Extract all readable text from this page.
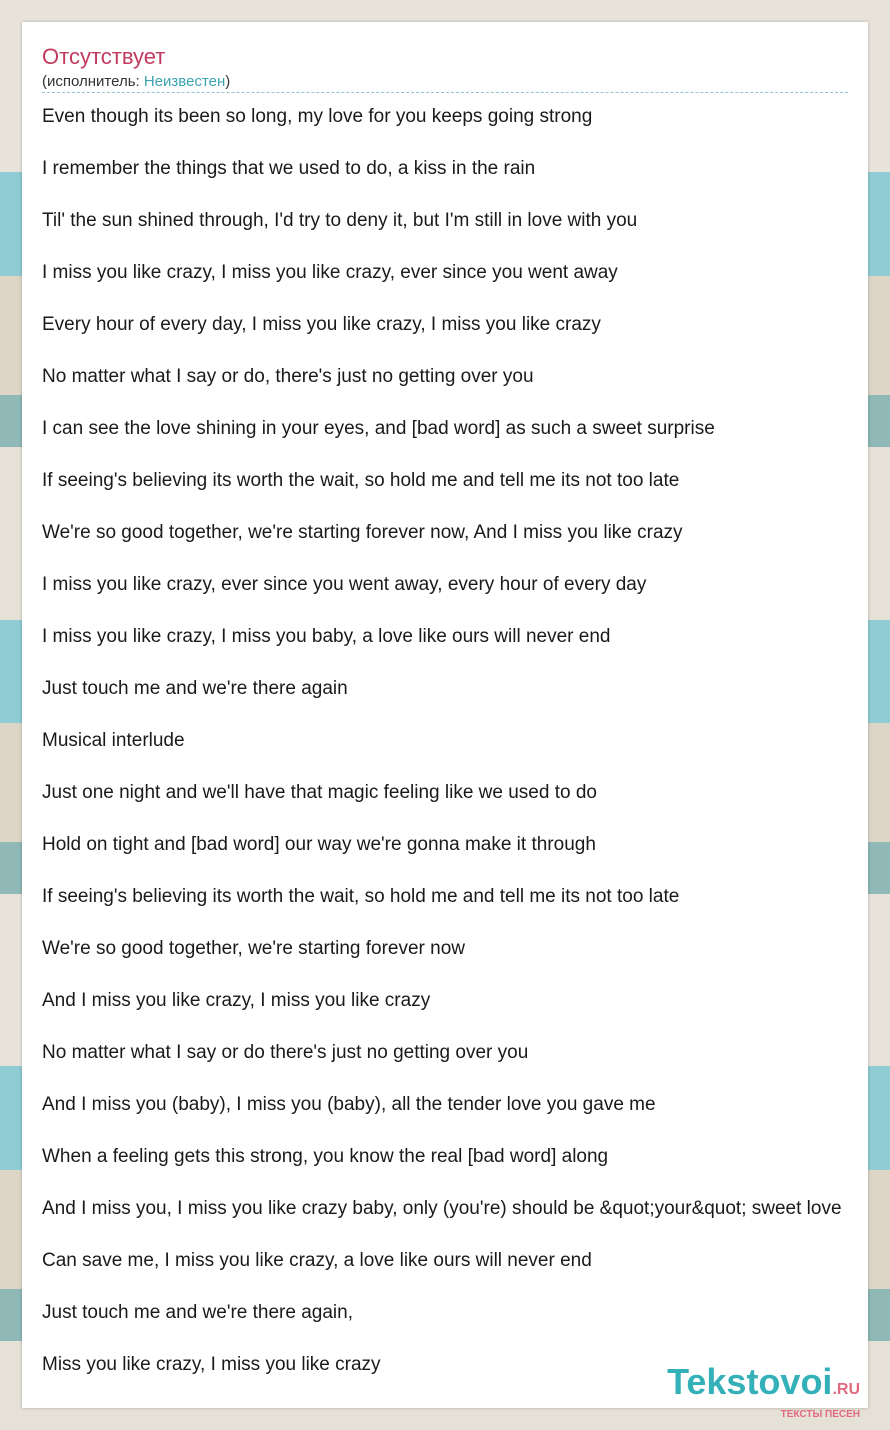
Отсутствует
(исполнитель: Неизвестен)
Even though its been so long, my love for you keeps going strong
I remember the things that we used to do, a kiss in the rain
Til' the sun shined through, I'd try to deny it, but I'm still in love with you
I miss you like crazy, I miss you like crazy, ever since you went away
Every hour of every day, I miss you like crazy, I miss you like crazy
No matter what I say or do, there's just no getting over you
I can see the love shining in your eyes, and [bad word] as such a sweet surprise
If seeing's believing its worth the wait, so hold me and tell me its not too late
We're so good together, we're starting forever now, And I miss you like crazy
I miss you like crazy, ever since you went away, every hour of every day
I miss you like crazy, I miss you baby, a love like ours will never end
Just touch me and we're there again
Musical interlude
Just one night and we'll have that magic feeling like we used to do
Hold on tight and [bad word] our way we're gonna make it through
If seeing's believing its worth the wait, so hold me and tell me its not too late
We're so good together, we're starting forever now
And I miss you like crazy, I miss you like crazy
No matter what I say or do there's just no getting over you
And I miss you (baby), I miss you (baby), all the tender love you gave me
When a feeling gets this strong, you know the real [bad word] along
And I miss you, I miss you like crazy baby, only (you're) should be &quot;your&quot; sweet love
Can save me, I miss you like crazy, a love like ours will never end
Just touch me and we're there again,
Miss you like crazy, I miss you like crazy	Tekstovoi.RU
ТЕКСТЫ ПЕСЕН
